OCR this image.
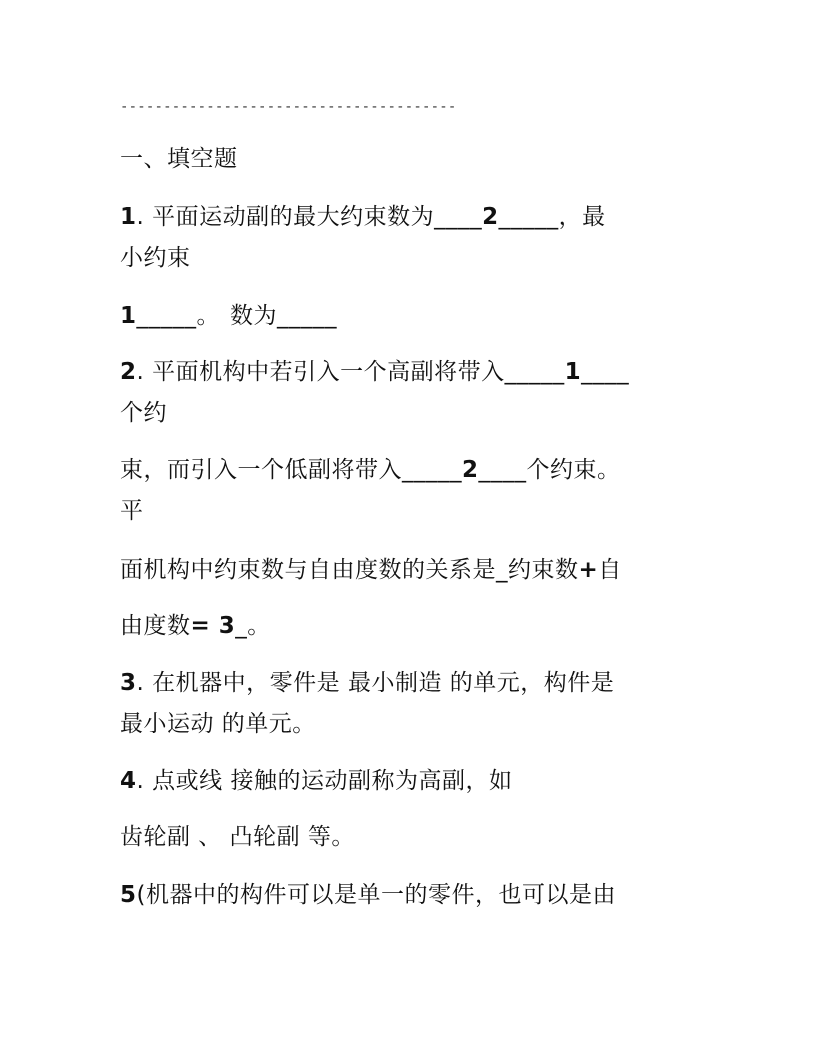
---------------------------------------
一、填空题
1. 平面运动副的最大约束数为____2_____，最
小约束
1_____。 数为_____
2. 平面机构中若引入一个高副将带入_____1____
个约
束，而引入一个低副将带入_____2____个约束。
平
面机构中约束数与自由度数的关系是_约束数+自
由度数= 3_。
3. 在机器中，零件是 最小制造 的单元，构件是
最小运动 的单元。
4. 点或线 接触的运动副称为高副，如
齿轮副 、 凸轮副 等。
5(机器中的构件可以是单一的零件，也可以是由
